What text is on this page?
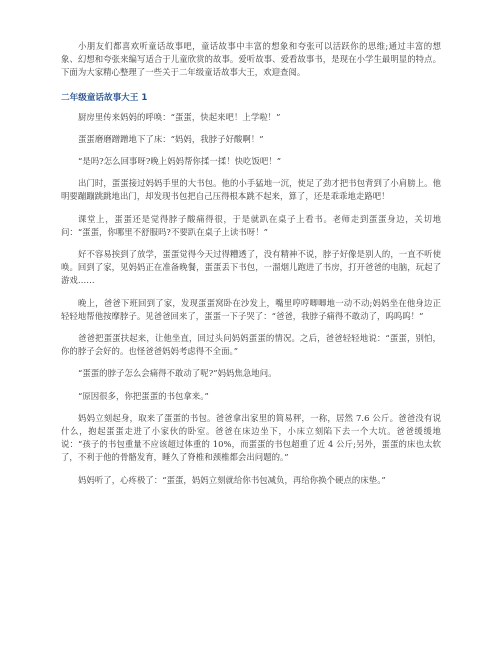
小朋友们都喜欢听童话故事吧，童话故事中丰富的想象和夸张可以活跃你的思维;通过丰富的想象、幻想和夸张来编写适合于儿童欣赏的故事。爱听故事、爱看故事书，是现在小学生最明显的特点。下面为大家精心整理了一些关于二年级童话故事大王，欢迎查阅。

二年级童话故事大王 1

厨房里传来妈妈的呼唤：“蛋蛋，快起来吧！上学啦！”

蛋蛋磨磨蹭蹭地下了床：“妈妈，我脖子好酸啊！”

“是吗?怎么回事呀?晚上妈妈帮你揉一揉！快吃饭吧！”

出门时，蛋蛋接过妈妈手里的大书包。他的小手猛地一沉，使足了劲才把书包背到了小肩膀上。他明要蹦蹦跳跳地出门，却发现书包把自己压得根本跳不起来，算了，还是乖乖地走路吧！

课堂上，蛋蛋还是觉得脖子酸痛得很，于是就趴在桌子上看书。老师走到蛋蛋身边，关切地问：“蛋蛋，你哪里不舒服吗?不要趴在桌子上读书呀！”

好不容易挨到了放学，蛋蛋觉得今天过得糟透了，没有精神不说，脖子好像是别人的，一直不听使唤。回到了家，见妈妈正在准备晚餐，蛋蛋丢下书包，一溜烟儿跑进了书房，打开爸爸的电脑，玩起了游戏……

晚上，爸爸下班回到了家，发现蛋蛋窝卧在沙发上，嘴里哼哼唧唧地一动不动;妈妈坐在他身边正轻轻地帮他按摩脖子。见爸爸回来了，蛋蛋一下子哭了：“爸爸，我脖子痛得不敢动了，呜呜呜！”

爸爸把蛋蛋扶起来，让他坐直，回过头问妈妈蛋蛋的情况。之后，爸爸轻轻地说：“蛋蛋，别怕，你的脖子会好的。也怪爸爸妈妈考虑得不全面。”

“蛋蛋的脖子怎么会痛得不敢动了呢?”妈妈焦急地问。

“原因很多，你把蛋蛋的书包拿来。”

妈妈立刻起身，取来了蛋蛋的书包。爸爸拿出家里的简易秤，一称，居然 7.6 公斤。爸爸没有说什么，抱起蛋蛋走进了小家伙的卧室。爸爸在床边坐下，小床立刻陷下去一个大坑。爸爸缓缓地说：“孩子的书包重量不应该超过体重的 10%，而蛋蛋的书包超重了近 4 公斤;另外，蛋蛋的床也太软了，不利于他的骨骼发育，睡久了脊椎和颈椎都会出问题的。”

妈妈听了，心疼极了：“蛋蛋，妈妈立刻就给你书包减负，再给你换个硬点的床垫。”
